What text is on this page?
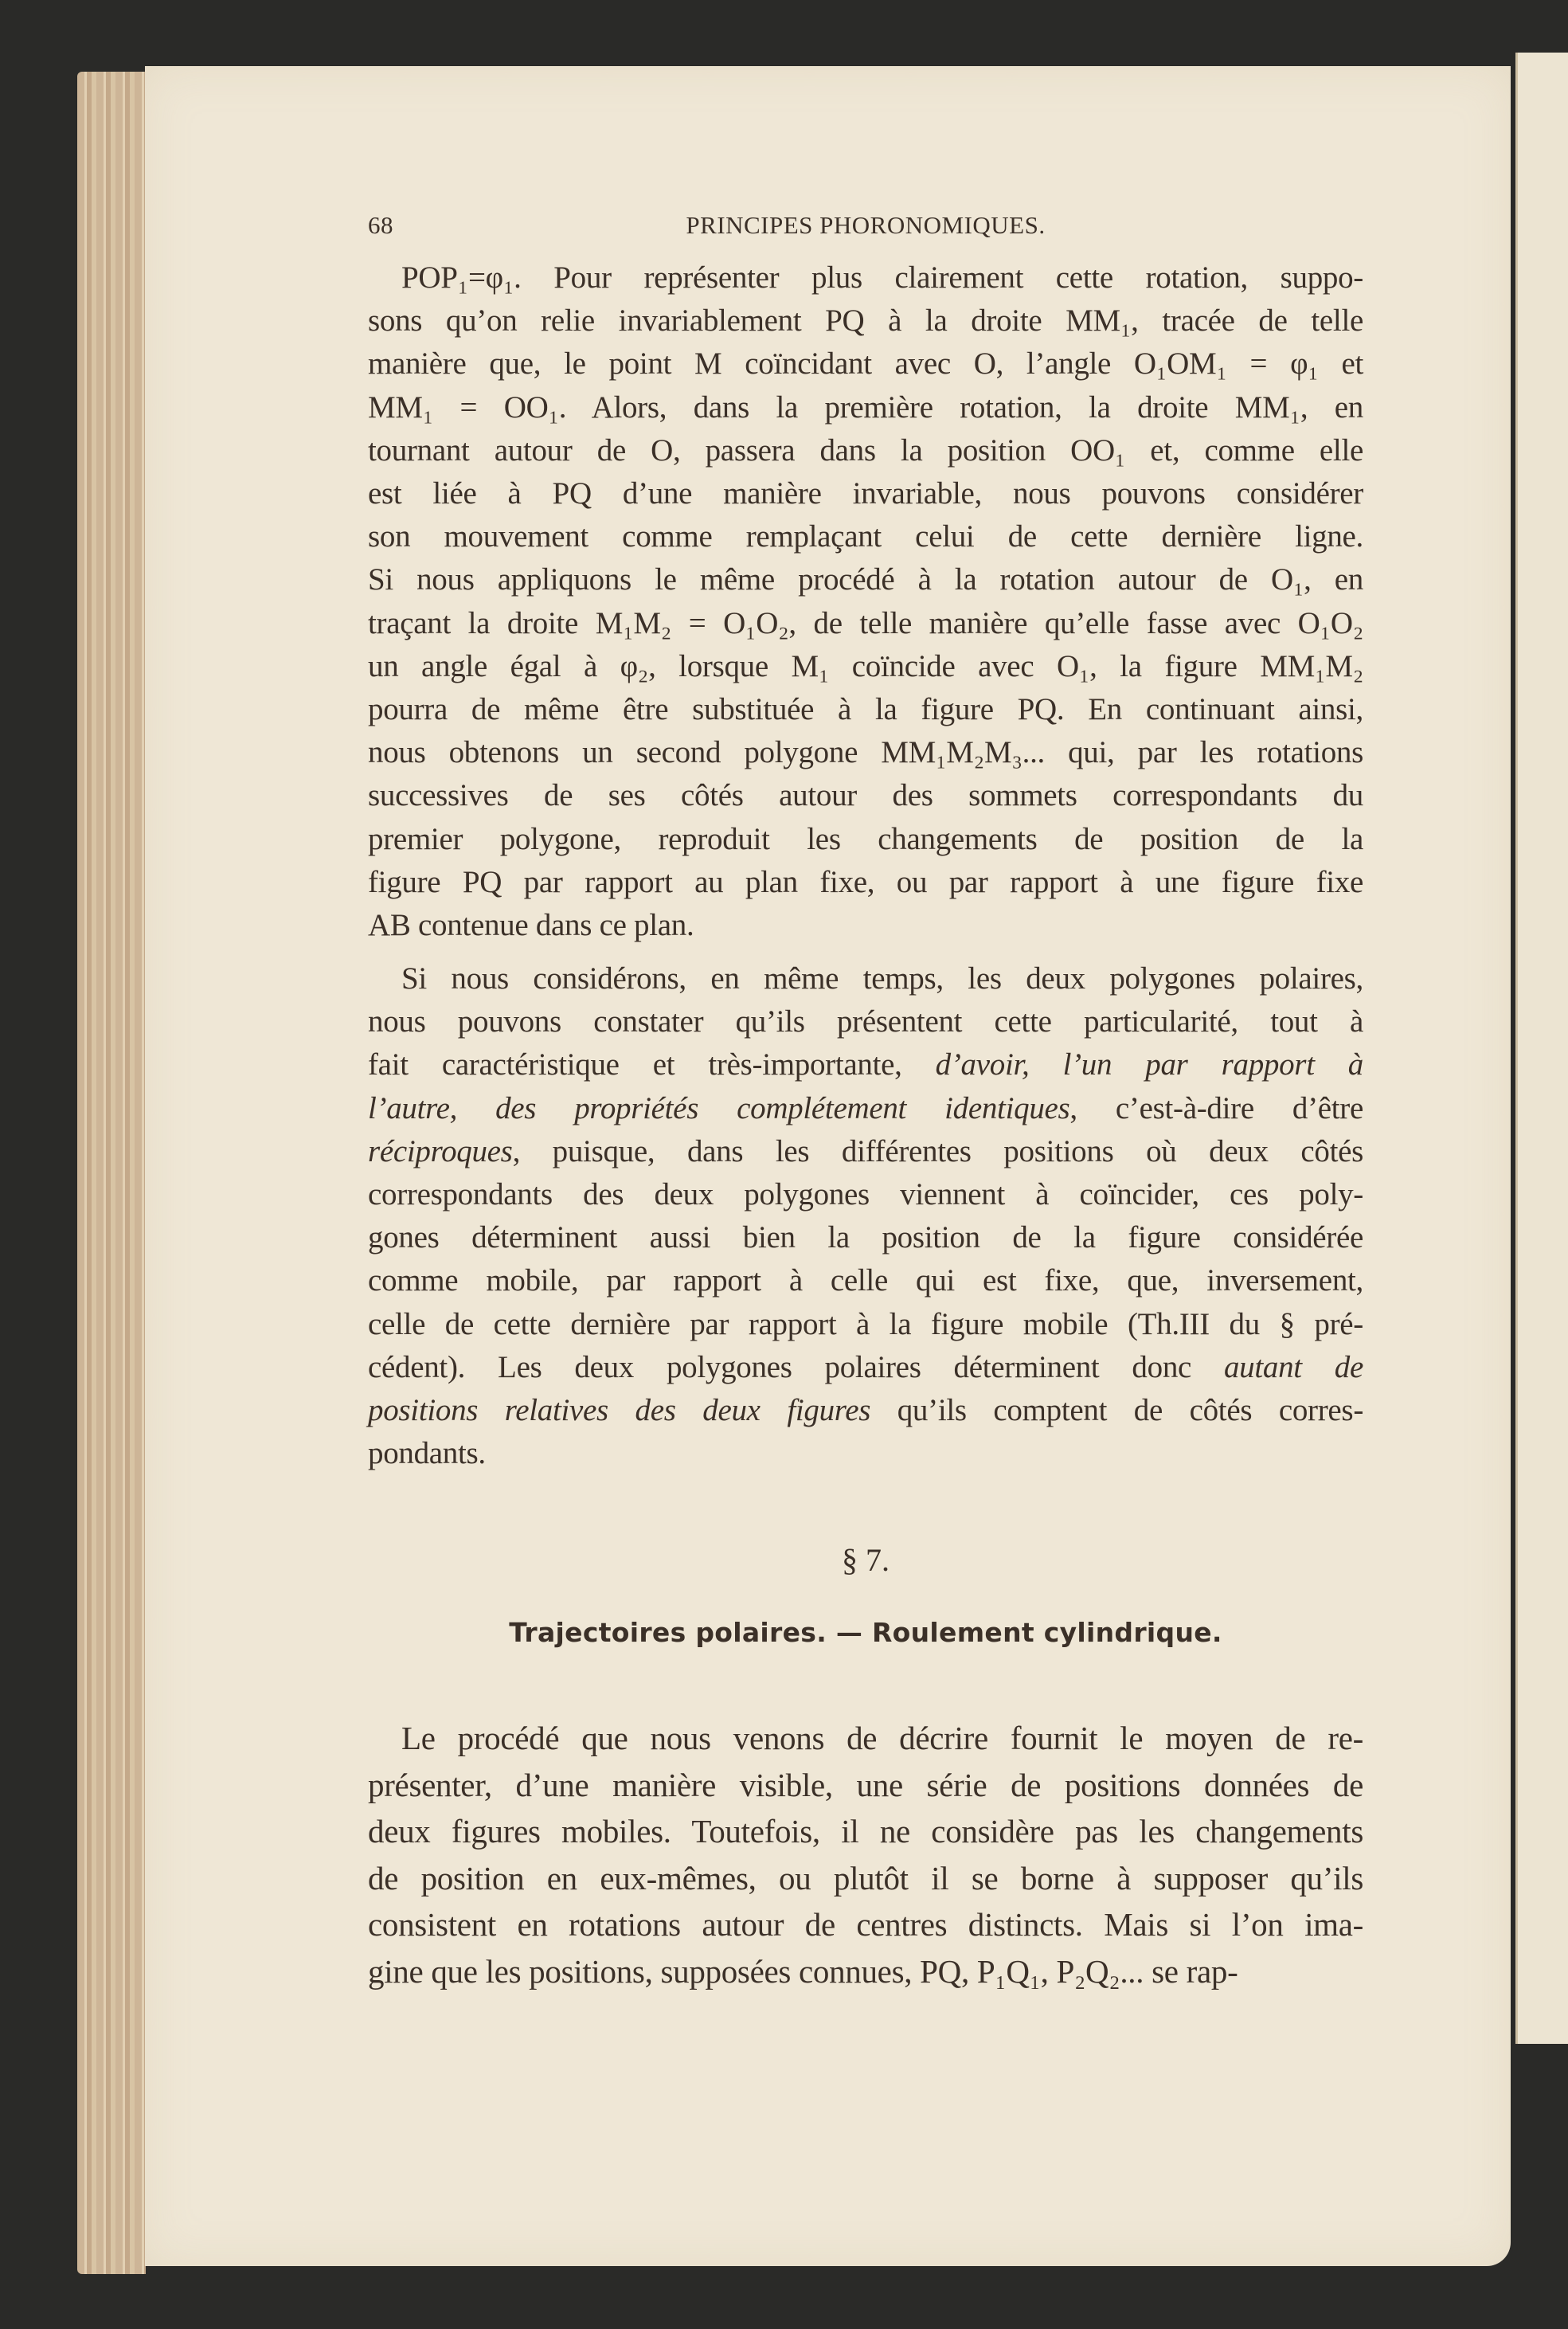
68	PRINCIPES PHORONOMIQUES.
POP₁=φ₁. Pour représenter plus clairement cette rotation, suppo-
sons qu’on relie invariablement PQ à la droite MM₁, tracée de telle
manière que, le point M coïncidant avec O, l’angle O₁OM₁ = φ₁ et
MM₁ = OO₁. Alors, dans la première rotation, la droite MM₁, en
tournant autour de O, passera dans la position OO₁ et, comme elle
est liée à PQ d’une manière invariable, nous pouvons considérer
son mouvement comme remplaçant celui de cette dernière ligne.
Si nous appliquons le même procédé à la rotation autour de O₁, en
traçant la droite M₁M₂ = O₁O₂, de telle manière qu’elle fasse avec O₁O₂
un angle égal à φ₂, lorsque M₁ coïncide avec O₁, la figure MM₁M₂
pourra de même être substituée à la figure PQ. En continuant ainsi,
nous obtenons un second polygone MM₁M₂M₃... qui, par les rotations
successives de ses côtés autour des sommets correspondants du
premier polygone, reproduit les changements de position de la
figure PQ par rapport au plan fixe, ou par rapport à une figure fixe
AB contenue dans ce plan.
Si nous considérons, en même temps, les deux polygones polaires,
nous pouvons constater qu’ils présentent cette particularité, tout à
fait caractéristique et très-importante, d’avoir, l’un par rapport à
l’autre, des propriétés complétement identiques, c’est-à-dire d’être
réciproques, puisque, dans les différentes positions où deux côtés
correspondants des deux polygones viennent à coïncider, ces poly-
gones déterminent aussi bien la position de la figure considérée
comme mobile, par rapport à celle qui est fixe, que, inversement,
celle de cette dernière par rapport à la figure mobile (Th.III du § pré-
cédent). Les deux polygones polaires déterminent donc autant de
positions relatives des deux figures qu’ils comptent de côtés corres-
pondants.
Le procédé que nous venons de décrire fournit le moyen de re-
présenter, d’une manière visible, une série de positions données de
deux figures mobiles. Toutefois, il ne considère pas les changements
de position en eux-mêmes, ou plutôt il se borne à supposer qu’ils
consistent en rotations autour de centres distincts. Mais si l’on ima-
gine que les positions, supposées connues, PQ, P₁Q₁, P₂Q₂... se rap-
§ 7.
Trajectoires polaires. — Roulement cylindrique.
